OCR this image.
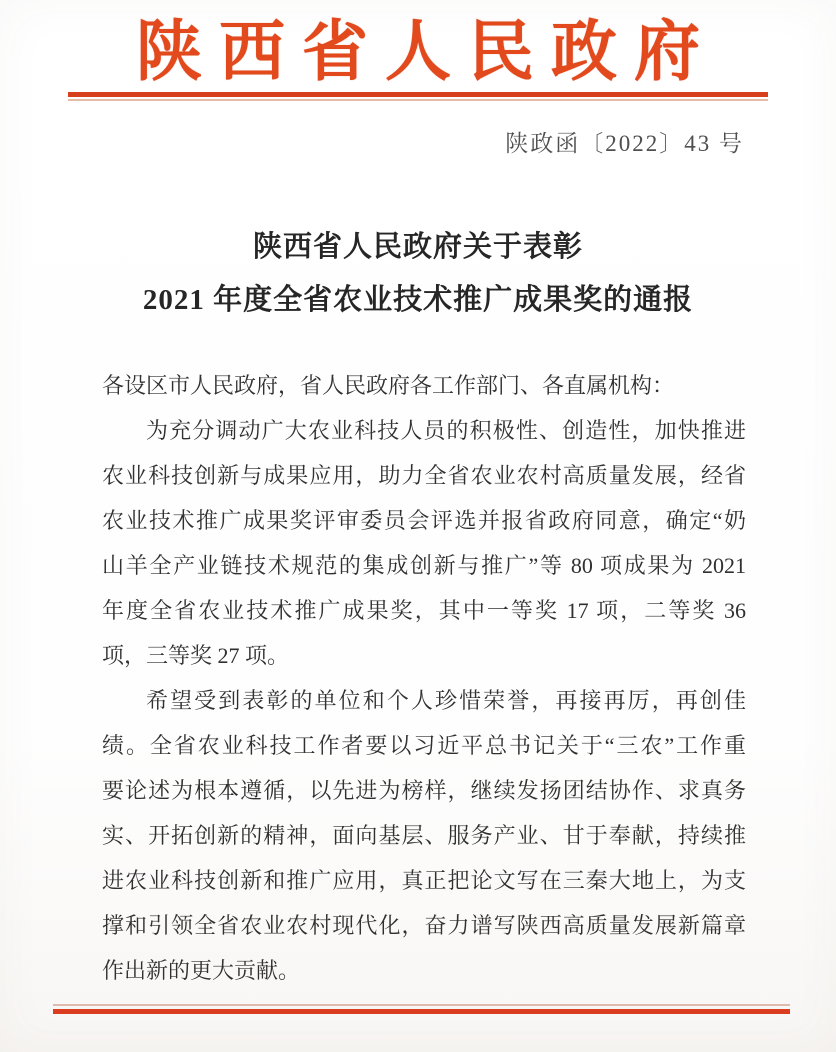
陕西省人民政府
陕政函〔2022〕43 号
陕西省人民政府关于表彰
2021 年度全省农业技术推广成果奖的通报
各设区市人民政府，省人民政府各工作部门、各直属机构：
为充分调动广大农业科技人员的积极性、创造性，加快推进
农业科技创新与成果应用，助力全省农业农村高质量发展，经省
农业技术推广成果奖评审委员会评选并报省政府同意，确定“奶
山羊全产业链技术规范的集成创新与推广”等 80 项成果为 2021
年度全省农业技术推广成果奖，其中一等奖 17 项，二等奖 36
项，三等奖 27 项。
希望受到表彰的单位和个人珍惜荣誉，再接再厉，再创佳
绩。全省农业科技工作者要以习近平总书记关于“三农”工作重
要论述为根本遵循，以先进为榜样，继续发扬团结协作、求真务
实、开拓创新的精神，面向基层、服务产业、甘于奉献，持续推
进农业科技创新和推广应用，真正把论文写在三秦大地上，为支
撑和引领全省农业农村现代化，奋力谱写陕西高质量发展新篇章
作出新的更大贡献。
